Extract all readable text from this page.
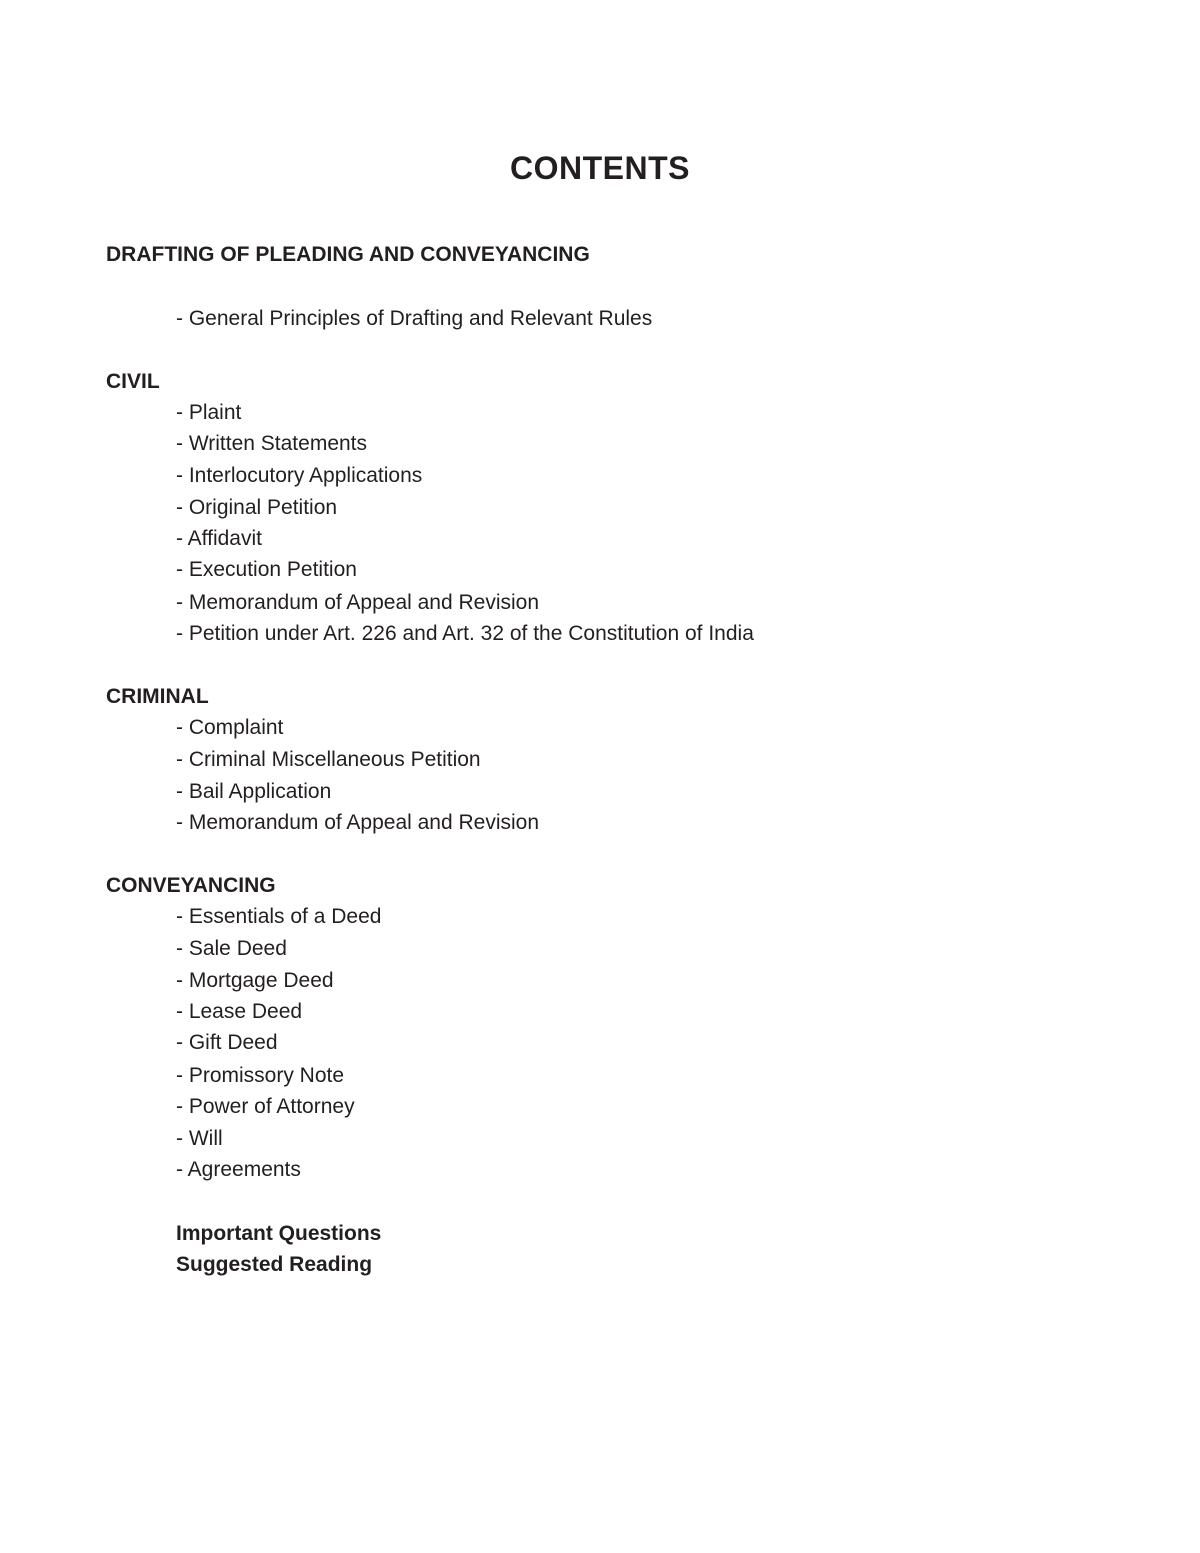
CONTENTS
DRAFTING OF PLEADING AND CONVEYANCING
- General Principles of Drafting and Relevant Rules
CIVIL
- Plaint
- Written Statements
- Interlocutory Applications
- Original Petition
- Affidavit
- Execution Petition
- Memorandum of Appeal and Revision
- Petition under Art. 226 and Art. 32 of the Constitution of India
CRIMINAL
- Complaint
- Criminal Miscellaneous Petition
- Bail Application
- Memorandum of Appeal and Revision
CONVEYANCING
- Essentials of a Deed
- Sale Deed
- Mortgage Deed
- Lease Deed
- Gift Deed
- Promissory Note
- Power of Attorney
- Will
- Agreements
Important Questions
Suggested Reading
